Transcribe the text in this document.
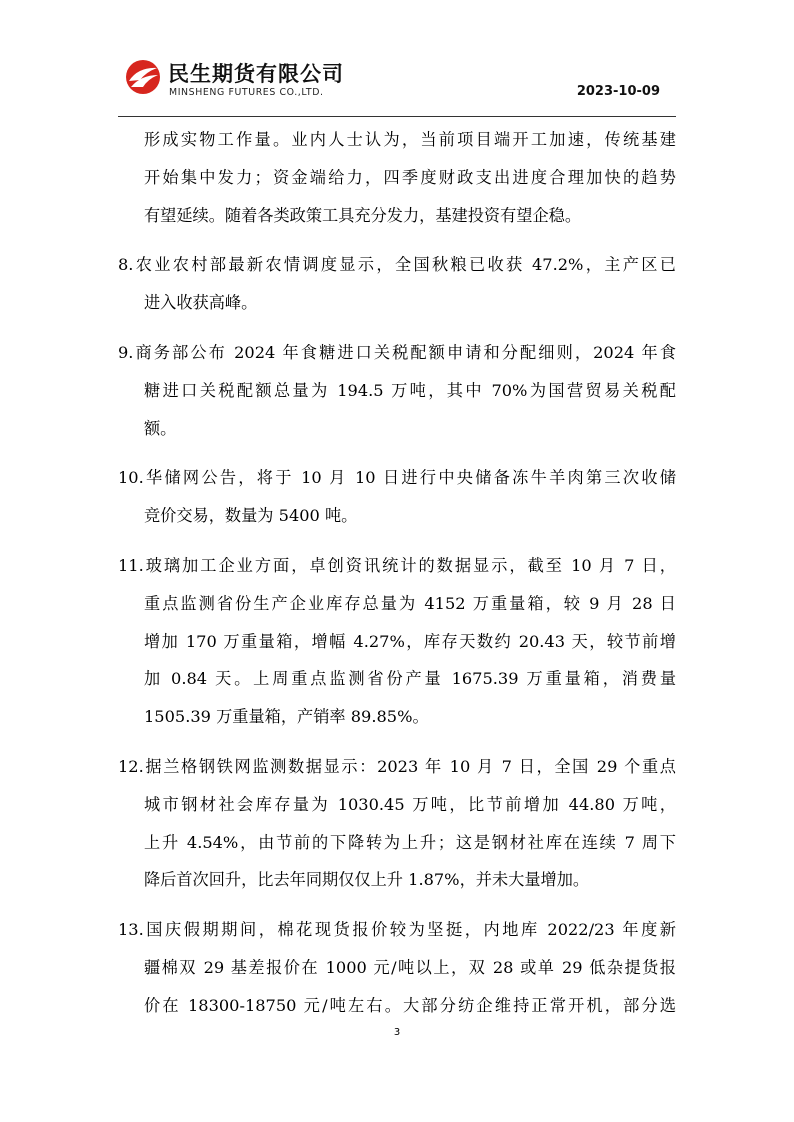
民生期货有限公司
MINSHENG FUTURES CO.,LTD.	2023-10-09
形成实物工作量。业内人士认为，当前项目端开工加速，传统基建
开始集中发力；资金端给力，四季度财政支出进度合理加快的趋势
有望延续。随着各类政策工具充分发力，基建投资有望企稳。
8.农业农村部最新农情调度显示，全国秋粮已收获 47.2%，主产区已
进入收获高峰。
9.商务部公布 2024 年食糖进口关税配额申请和分配细则，2024 年食
糖进口关税配额总量为 194.5 万吨，其中 70%为国营贸易关税配
额。
10.华储网公告，将于 10 月 10 日进行中央储备冻牛羊肉第三次收储
竞价交易，数量为 5400 吨。
11.玻璃加工企业方面，卓创资讯统计的数据显示，截至 10 月 7 日，
重点监测省份生产企业库存总量为 4152 万重量箱，较 9 月 28 日
增加 170 万重量箱，增幅 4.27%，库存天数约 20.43 天，较节前增
加 0.84 天。上周重点监测省份产量 1675.39 万重量箱，消费量
1505.39 万重量箱，产销率 89.85%。
12.据兰格钢铁网监测数据显示：2023 年 10 月 7 日，全国 29 个重点
城市钢材社会库存量为 1030.45 万吨，比节前增加 44.80 万吨，
上升 4.54%，由节前的下降转为上升；这是钢材社库在连续 7 周下
降后首次回升，比去年同期仅仅上升 1.87%，并未大量增加。
13.国庆假期期间，棉花现货报价较为坚挺，内地库 2022/23 年度新
疆棉双 29 基差报价在 1000 元/吨以上，双 28 或单 29 低杂提货报
价在 18300-18750 元/吨左右。大部分纺企维持正常开机，部分选
3
